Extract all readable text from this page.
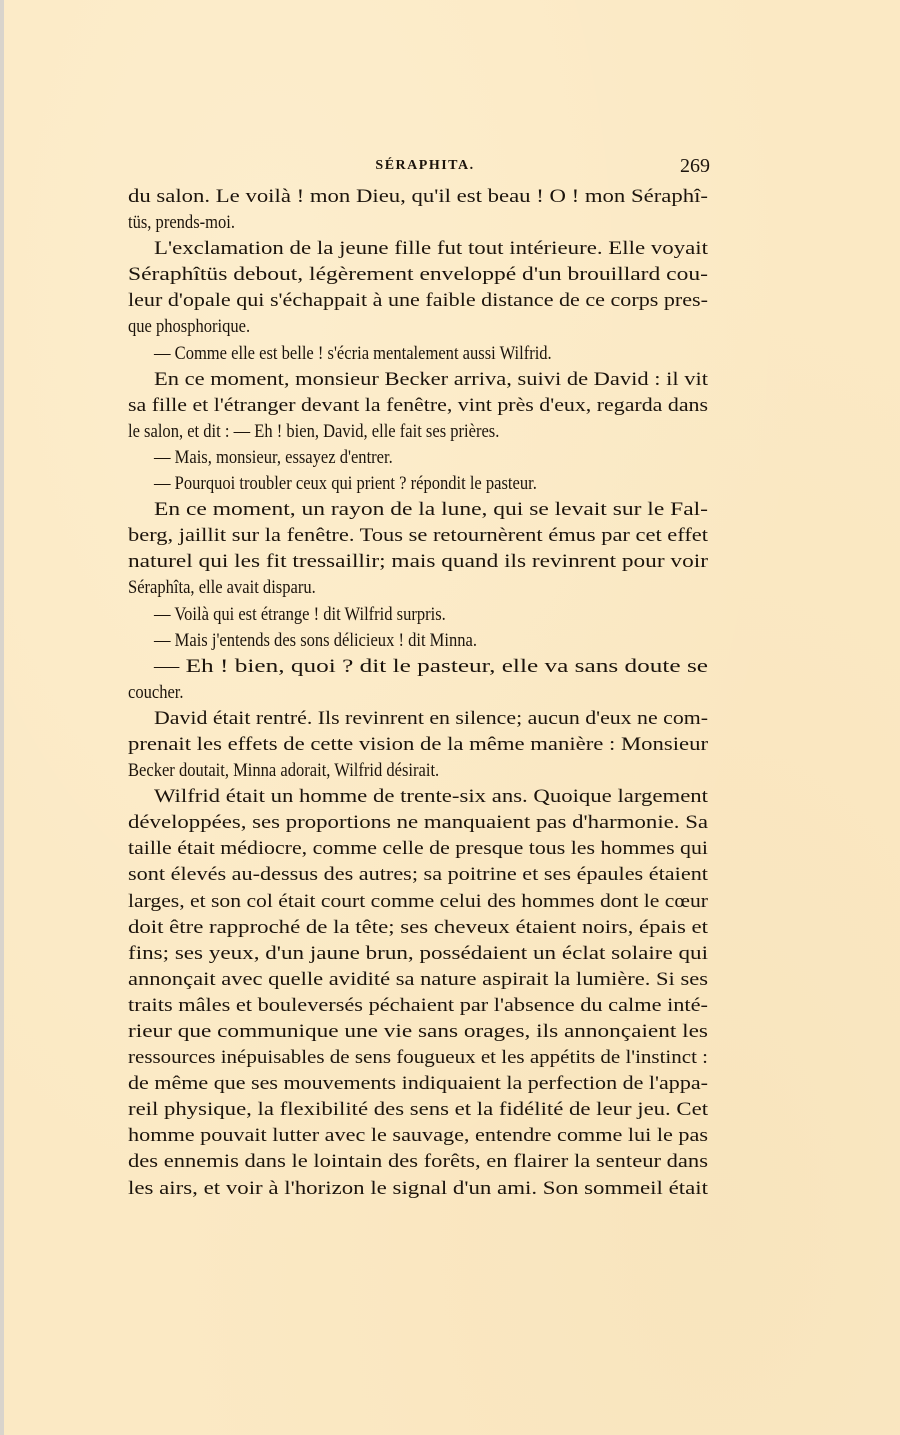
SÉRAPHITA.	269
du salon. Le voilà ! mon Dieu, qu'il est beau ! O ! mon Séraphî-
tüs, prends-moi.
L'exclamation de la jeune fille fut tout intérieure. Elle voyait
Séraphîtüs debout, légèrement enveloppé d'un brouillard cou-
leur d'opale qui s'échappait à une faible distance de ce corps pres-
que phosphorique.
— Comme elle est belle ! s'écria mentalement aussi Wilfrid.
En ce moment, monsieur Becker arriva, suivi de David : il vit
sa fille et l'étranger devant la fenêtre, vint près d'eux, regarda dans
le salon, et dit : — Eh ! bien, David, elle fait ses prières.
— Mais, monsieur, essayez d'entrer.
— Pourquoi troubler ceux qui prient ? répondit le pasteur.
En ce moment, un rayon de la lune, qui se levait sur le Fal-
berg, jaillit sur la fenêtre. Tous se retournèrent émus par cet effet
naturel qui les fit tressaillir; mais quand ils revinrent pour voir
Séraphîta, elle avait disparu.
— Voilà qui est étrange ! dit Wilfrid surpris.
— Mais j'entends des sons délicieux ! dit Minna.
— Eh ! bien, quoi ? dit le pasteur, elle va sans doute se
coucher.
David était rentré. Ils revinrent en silence; aucun d'eux ne com-
prenait les effets de cette vision de la même manière : Monsieur
Becker doutait, Minna adorait, Wilfrid désirait.
Wilfrid était un homme de trente-six ans. Quoique largement
développées, ses proportions ne manquaient pas d'harmonie. Sa
taille était médiocre, comme celle de presque tous les hommes qui
sont élevés au-dessus des autres; sa poitrine et ses épaules étaient
larges, et son col était court comme celui des hommes dont le cœur
doit être rapproché de la tête; ses cheveux étaient noirs, épais et
fins; ses yeux, d'un jaune brun, possédaient un éclat solaire qui
annonçait avec quelle avidité sa nature aspirait la lumière. Si ses
traits mâles et bouleversés péchaient par l'absence du calme inté-
rieur que communique une vie sans orages, ils annonçaient les
ressources inépuisables de sens fougueux et les appétits de l'instinct :
de même que ses mouvements indiquaient la perfection de l'appa-
reil physique, la flexibilité des sens et la fidélité de leur jeu. Cet
homme pouvait lutter avec le sauvage, entendre comme lui le pas
des ennemis dans le lointain des forêts, en flairer la senteur dans
les airs, et voir à l'horizon le signal d'un ami. Son sommeil était
